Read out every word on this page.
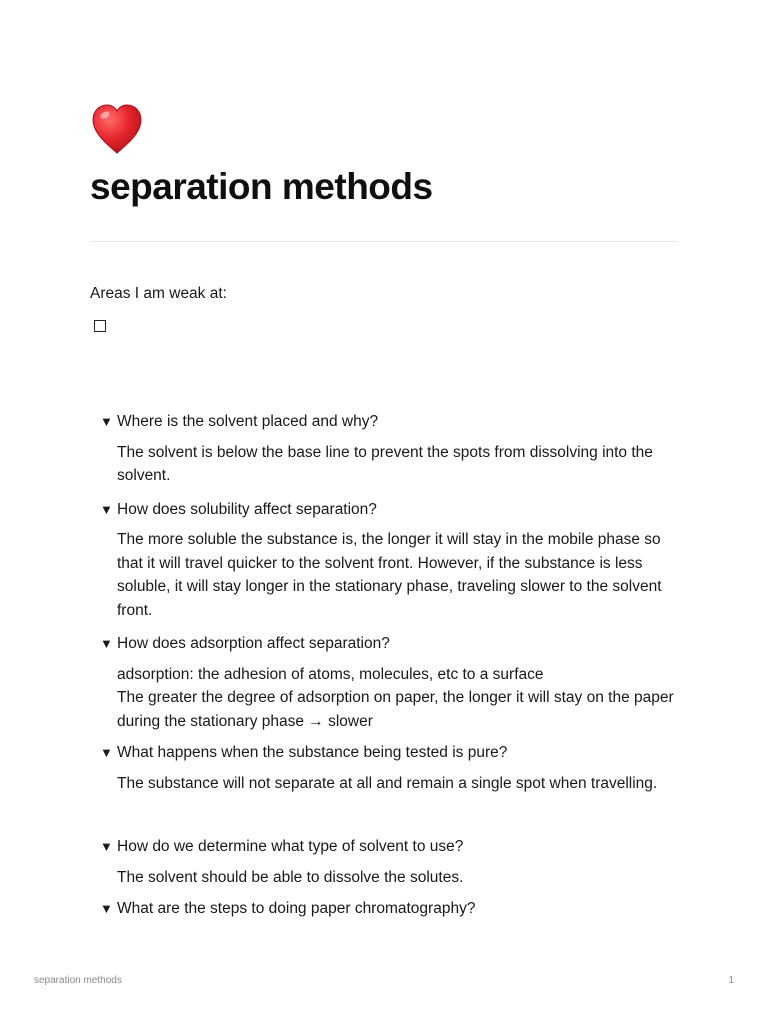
separation methods
Areas I am weak at:
▼ Where is the solvent placed and why?

The solvent is below the base line to prevent the spots from dissolving into the solvent.

▼ How does solubility affect separation?

The more soluble the substance is, the longer it will stay in the mobile phase so that it will travel quicker to the solvent front. However, if the substance is less soluble, it will stay longer in the stationary phase, traveling slower to the solvent front.

▼ How does adsorption affect separation?

adsorption: the adhesion of atoms, molecules, etc to a surface

The greater the degree of adsorption on paper, the longer it will stay on the paper during the stationary phase → slower

▼ What happens when the substance being tested is pure?

The substance will not separate at all and remain a single spot when travelling.

▼ How do we determine what type of solvent to use?

The solvent should be able to dissolve the solutes.

▼ What are the steps to doing paper chromatography?
separation methods	1
